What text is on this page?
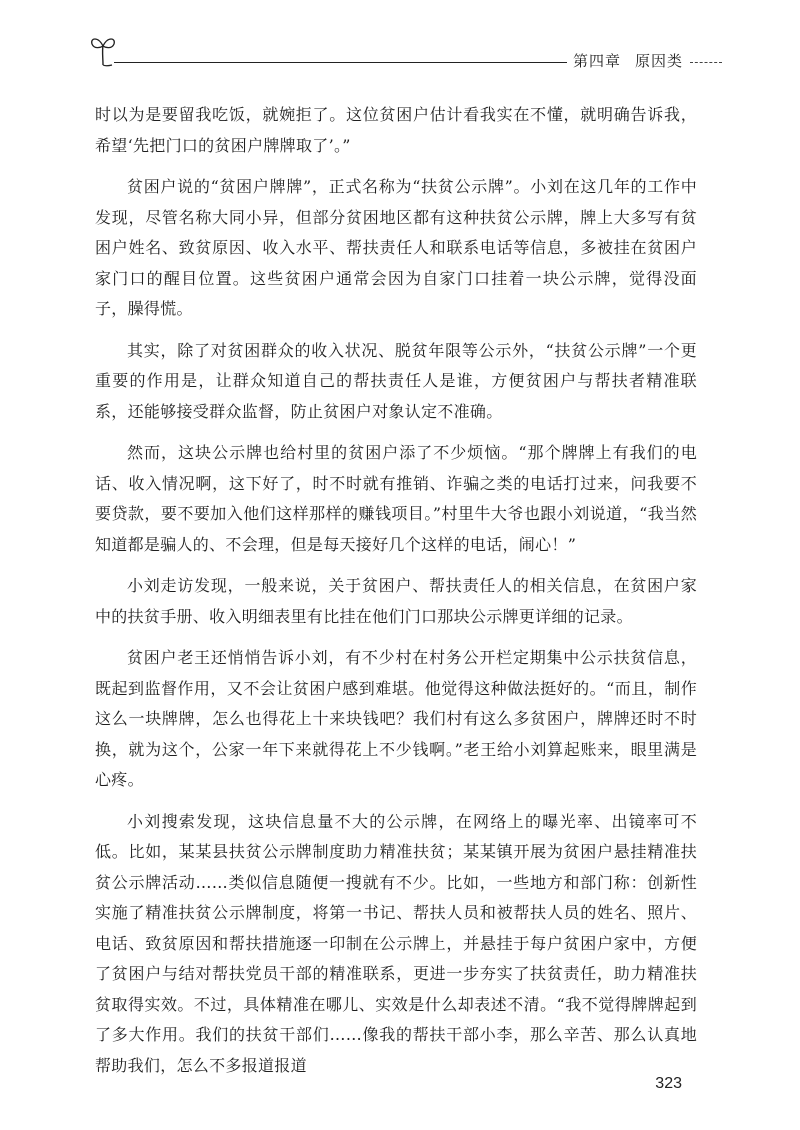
第四章 原因类

时以为是要留我吃饭，就婉拒了。这位贫困户估计看我实在不懂，就明确告诉我，希望‘先把门口的贫困户牌牌取了’。”

贫困户说的“贫困户牌牌”，正式名称为“扶贫公示牌”。小刘在这几年的工作中发现，尽管名称大同小异，但部分贫困地区都有这种扶贫公示牌，牌上大多写有贫困户姓名、致贫原因、收入水平、帮扶责任人和联系电话等信息，多被挂在贫困户家门口的醒目位置。这些贫困户通常会因为自家门口挂着一块公示牌，觉得没面子，臊得慌。

其实，除了对贫困群众的收入状况、脱贫年限等公示外，“扶贫公示牌”一个更重要的作用是，让群众知道自己的帮扶责任人是谁，方便贫困户与帮扶者精准联系，还能够接受群众监督，防止贫困户对象认定不准确。

然而，这块公示牌也给村里的贫困户添了不少烦恼。“那个牌牌上有我们的电话、收入情况啊，这下好了，时不时就有推销、诈骗之类的电话打过来，问我要不要贷款，要不要加入他们这样那样的赚钱项目。”村里牛大爷也跟小刘说道，“我当然知道都是骗人的、不会理，但是每天接好几个这样的电话，闹心！”

小刘走访发现，一般来说，关于贫困户、帮扶责任人的相关信息，在贫困户家中的扶贫手册、收入明细表里有比挂在他们门口那块公示牌更详细的记录。

贫困户老王还悄悄告诉小刘，有不少村在村务公开栏定期集中公示扶贫信息，既起到监督作用，又不会让贫困户感到难堪。他觉得这种做法挺好的。“而且，制作这么一块牌牌，怎么也得花上十来块钱吧？我们村有这么多贫困户，牌牌还时不时换，就为这个，公家一年下来就得花上不少钱啊。”老王给小刘算起账来，眼里满是心疼。

小刘搜索发现，这块信息量不大的公示牌，在网络上的曝光率、出镜率可不低。比如，某某县扶贫公示牌制度助力精准扶贫；某某镇开展为贫困户悬挂精准扶贫公示牌活动……类似信息随便一搜就有不少。比如，一些地方和部门称：创新性实施了精准扶贫公示牌制度，将第一书记、帮扶人员和被帮扶人员的姓名、照片、电话、致贫原因和帮扶措施逐一印制在公示牌上，并悬挂于每户贫困户家中，方便了贫困户与结对帮扶党员干部的精准联系，更进一步夯实了扶贫责任，助力精准扶贫取得实效。不过，具体精准在哪儿、实效是什么却表述不清。“我不觉得牌牌起到了多大作用。我们的扶贫干部们……像我的帮扶干部小李，那么辛苦、那么认真地帮助我们，怎么不多报道报道

323
